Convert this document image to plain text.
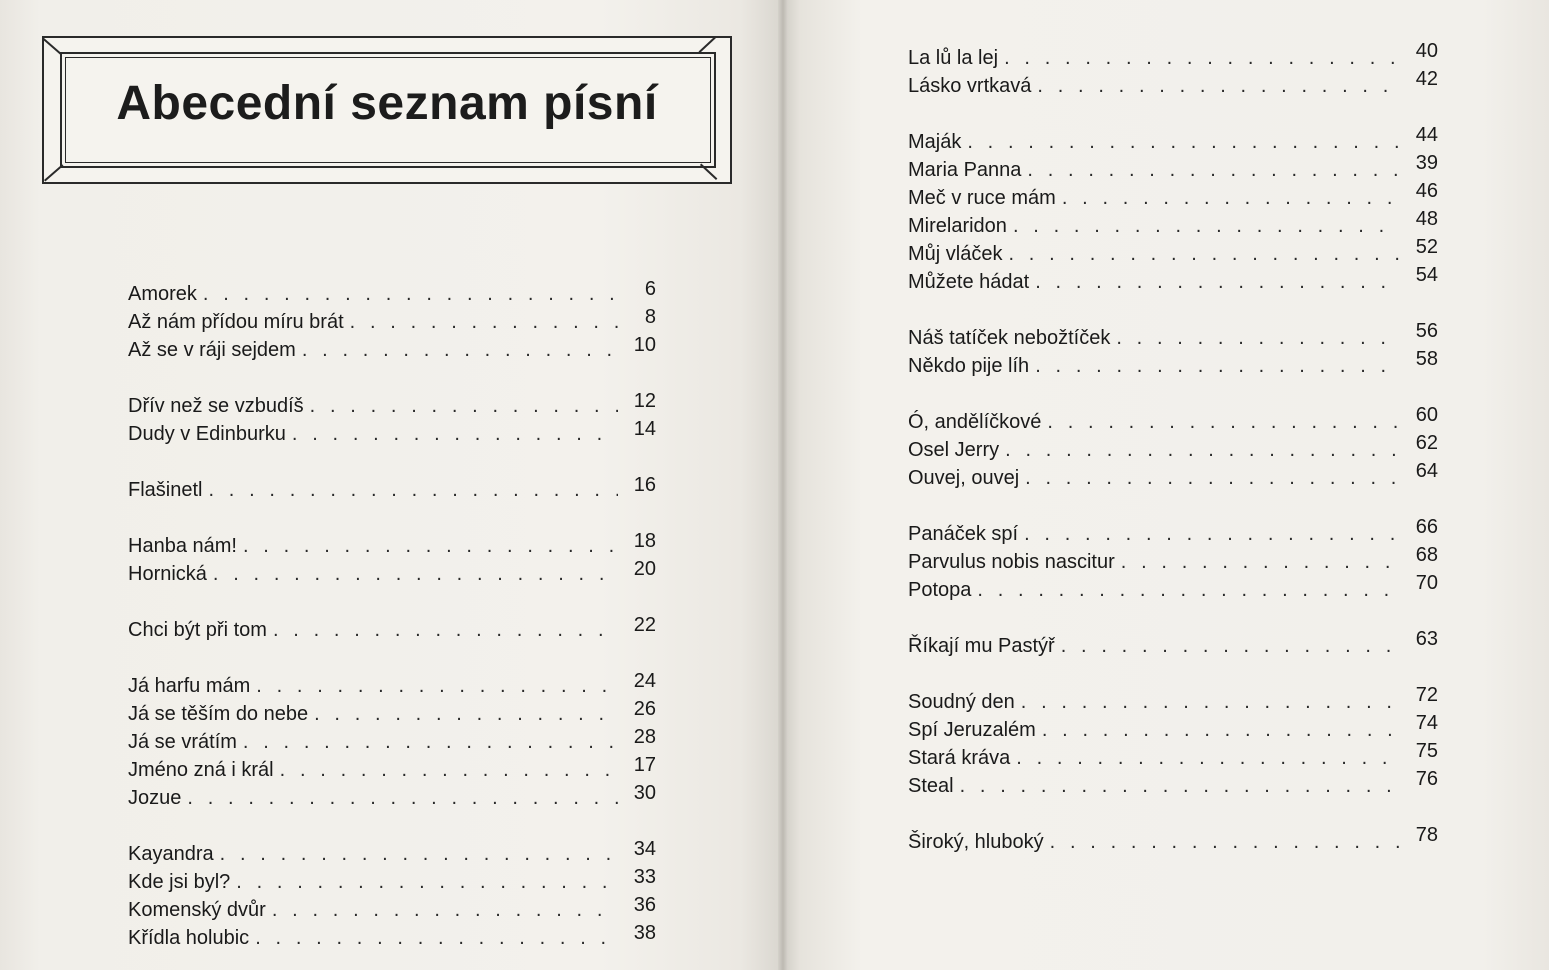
Abecední seznam písní
Amorek . . .	6
Až nám přídou míru brát . . .	8
Až se v ráji sejdem . . .	10
Dřív než se vzbudíš . . .	12
Dudy v Edinburku . . .	14
Flašinetl . . .	16
Hanba nám! . . .	18
Hornická . . .	20
Chci být při tom . . .	22
Já harfu mám . . .	24
Já se těším do nebe . . .	26
Já se vrátím . . .	28
Jméno zná i král . . .	17
Jozue . . .	30
Kayandra . . .	34
Kde jsi byl? . . .	33
Komenský dvůr . . .	36
Křídla holubic . . .	38
La lů la lej . . .	40
Lásko vrtkavá . . .	42
Maják . . .	44
Maria Panna . . .	39
Meč v ruce mám . . .	46
Mirelaridon . . .	48
Můj vláček . . .	52
Můžete hádat . . .	54
Náš tatíček nebožtíček . . .	56
Někdo pije líh . . .	58
Ó, andělíčkové . . .	60
Osel Jerry . . .	62
Ouvej, ouvej . . .	64
Panáček spí . . .	66
Parvulus nobis nascitur . . .	68
Potopa . . .	70
Říkají mu Pastýř . . .	63
Soudný den . . .	72
Spí Jeruzalém . . .	74
Stará kráva . . .	75
Steal . . .	76
Široký, hluboký . . .	78
